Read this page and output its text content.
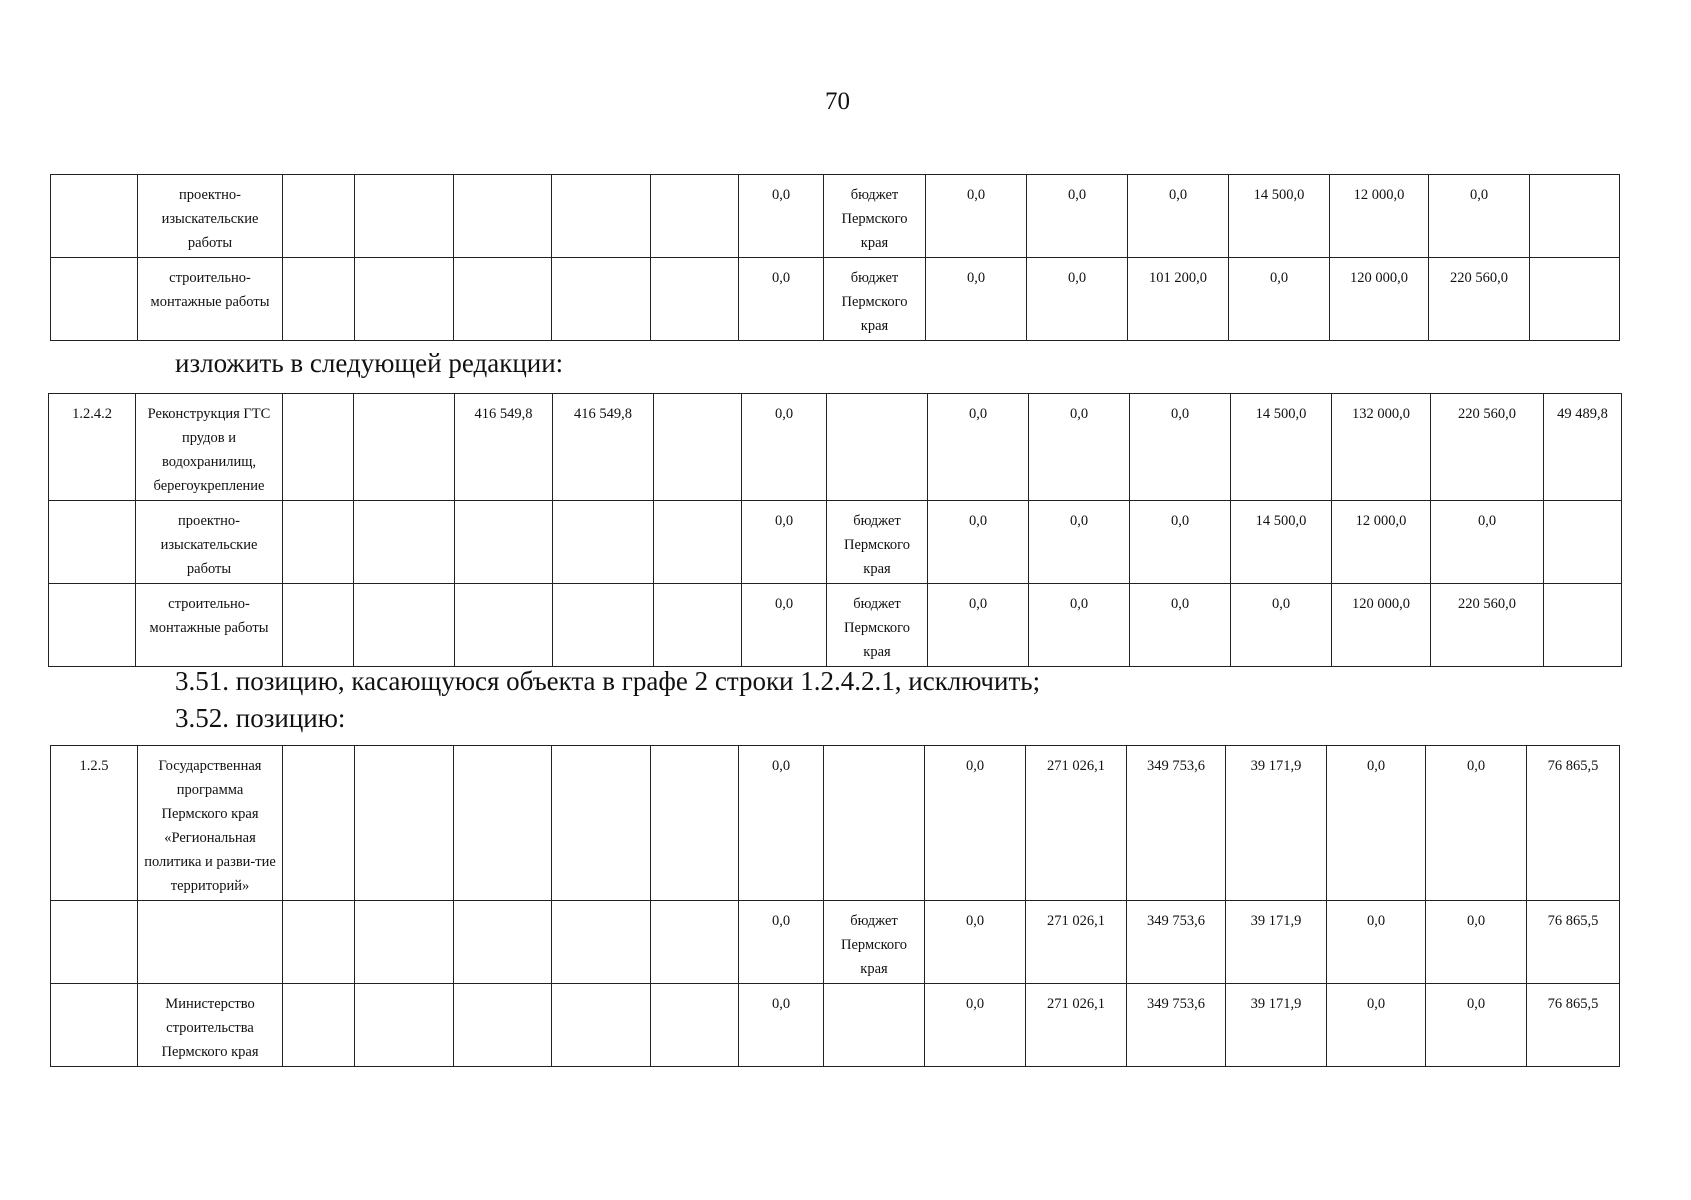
70
	проектно-изыскательские работы						0,0	бюджет Пермского края	0,0	0,0	0,0	14 500,0	12 000,0	0,0	
	строительно-монтажные работы						0,0	бюджет Пермского края	0,0	0,0	101 200,0	0,0	120 000,0	220 560,0	
изложить в следующей редакции:
1.2.4.2	Реконструкция ГТС прудов и водохранилищ, берегоукрепление			416 549,8	416 549,8		0,0		0,0	0,0	0,0	14 500,0	132 000,0	220 560,0	49 489,8
	проектно-изыскательские работы						0,0	бюджет Пермского края	0,0	0,0	0,0	14 500,0	12 000,0	0,0	
	строительно-монтажные работы						0,0	бюджет Пермского края	0,0	0,0	0,0	0,0	120 000,0	220 560,0	
3.51. позицию, касающуюся объекта в графе 2 строки 1.2.4.2.1, исключить;
3.52. позицию:
1.2.5	Государственная программа Пермского края «Региональная политика и разви-тие территорий»						0,0		0,0	271 026,1	349 753,6	39 171,9	0,0	0,0	76 865,5
							0,0	бюджет Пермского края	0,0	271 026,1	349 753,6	39 171,9	0,0	0,0	76 865,5
	Министерство строительства Пермского края						0,0		0,0	271 026,1	349 753,6	39 171,9	0,0	0,0	76 865,5
